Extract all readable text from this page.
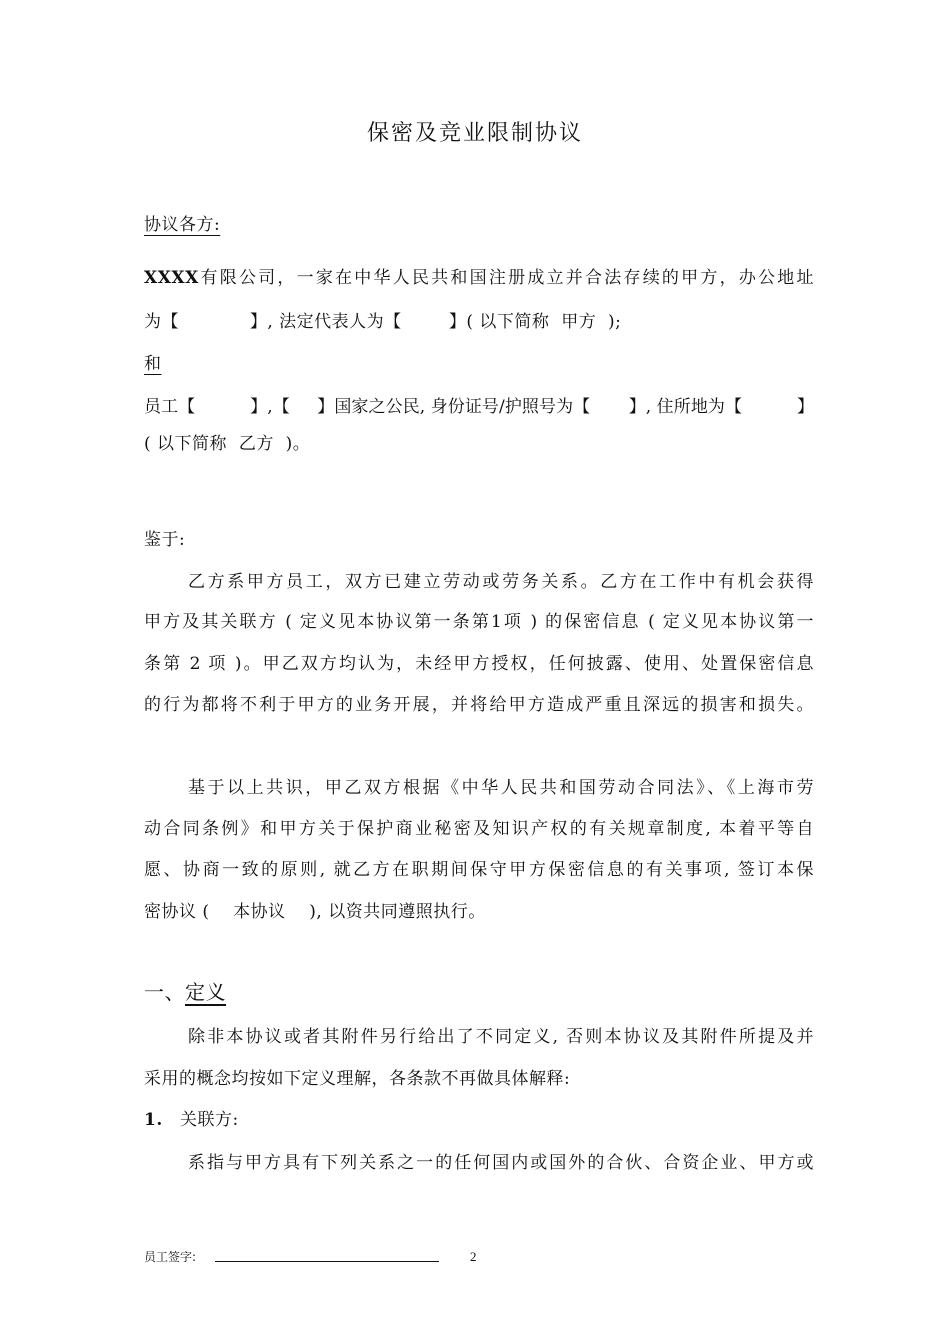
保密及竞业限制协议
协议各方:
XXXX有限公司，一家在中华人民共和国注册成立并合法存续的甲方，办公地址
为【            】, 法定代表人为【        】( 以下简称  甲方  );
和
员工【          】,【     】国家之公民, 身份证号/护照号为【       】, 住所地为【          】
( 以下简称  乙方  )。
鉴于:
乙方系甲方员工，双方已建立劳动或劳务关系。乙方在工作中有机会获得
甲方及其关联方 ( 定义见本协议第一条第1项 ) 的保密信息 ( 定义见本协议第一
条第 2 项 )。甲乙双方均认为，未经甲方授权，任何披露、使用、处置保密信息
的行为都将不利于甲方的业务开展，并将给甲方造成严重且深远的损害和损失。
基于以上共识，甲乙双方根据《中华人民共和国劳动合同法》、《上海市劳
动合同条例》和甲方关于保护商业秘密及知识产权的有关规章制度, 本着平等自
愿、协商一致的原则, 就乙方在职期间保守甲方保密信息的有关事项, 签订本保
密协议 (    本协议    ), 以资共同遵照执行。
一、定义
除非本协议或者其附件另行给出了不同定义, 否则本协议及其附件所提及并
采用的概念均按如下定义理解，各条款不再做具体解释:
1. 关联方:
系指与甲方具有下列关系之一的任何国内或国外的合伙、合资企业、甲方或
员工签字:	2
